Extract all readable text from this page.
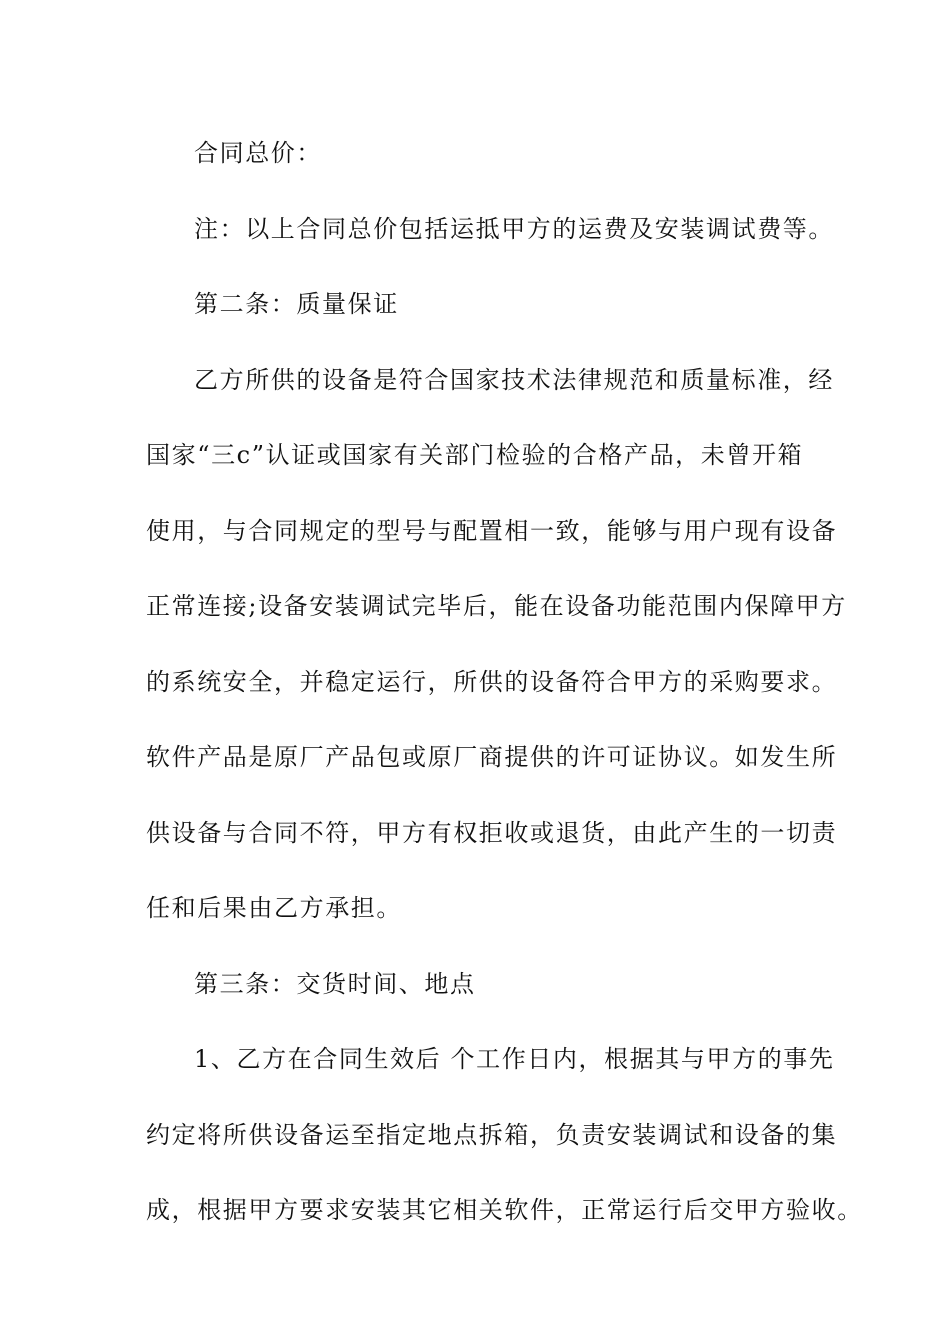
合同总价：
注：以上合同总价包括运抵甲方的运费及安装调试费等。
第二条：质量保证
乙方所供的设备是符合国家技术法律规范和质量标准，经
国家“三c”认证或国家有关部门检验的合格产品，未曾开箱
使用，与合同规定的型号与配置相一致，能够与用户现有设备
正常连接;设备安装调试完毕后，能在设备功能范围内保障甲方
的系统安全，并稳定运行，所供的设备符合甲方的采购要求。
软件产品是原厂产品包或原厂商提供的许可证协议。如发生所
供设备与合同不符，甲方有权拒收或退货，由此产生的一切责
任和后果由乙方承担。
第三条：交货时间、地点
1、乙方在合同生效后 个工作日内，根据其与甲方的事先
约定将所供设备运至指定地点拆箱，负责安装调试和设备的集
成，根据甲方要求安装其它相关软件，正常运行后交甲方验收。
